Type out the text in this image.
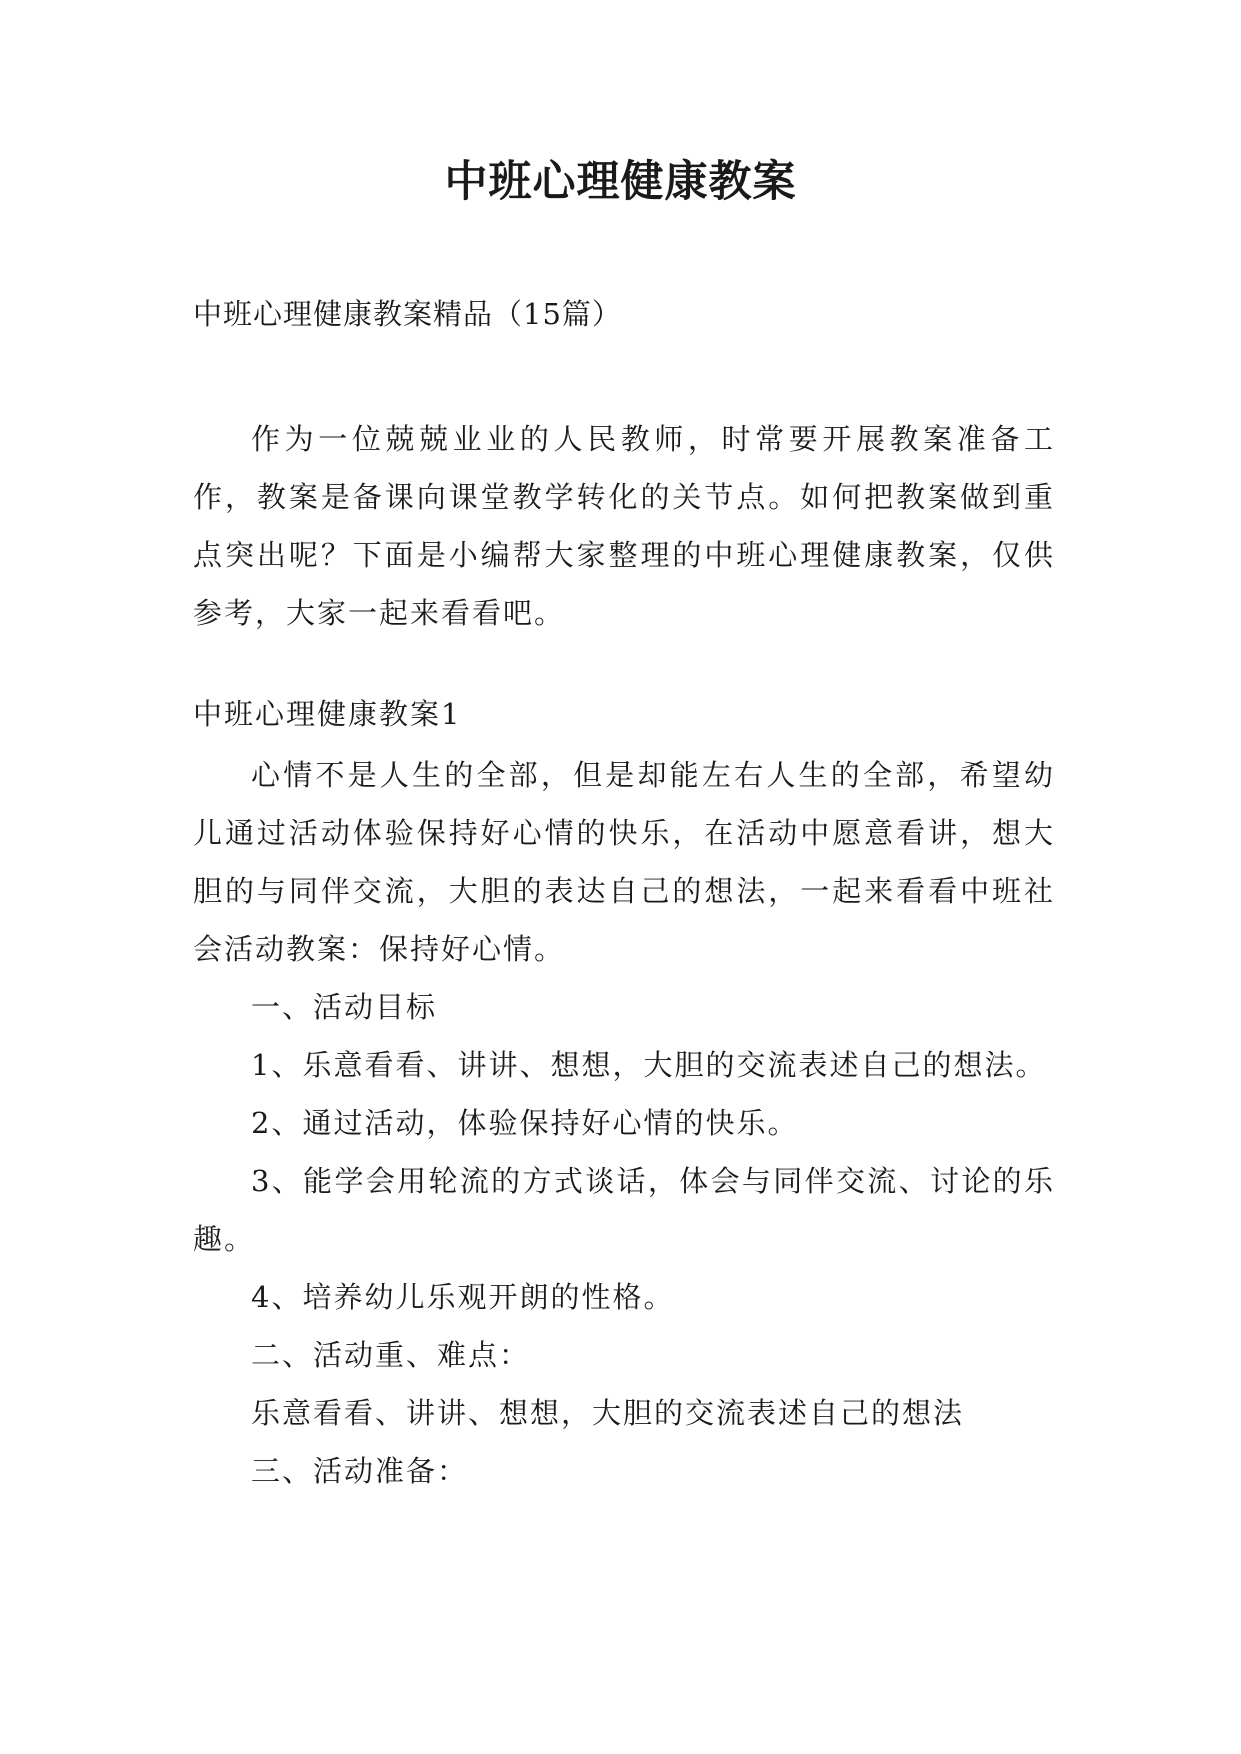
中班心理健康教案
中班心理健康教案精品（15篇）

作为一位兢兢业业的人民教师，时常要开展教案准备工作，教案是备课向课堂教学转化的关节点。如何把教案做到重点突出呢？下面是小编帮大家整理的中班心理健康教案，仅供参考，大家一起来看看吧。

中班心理健康教案1

心情不是人生的全部，但是却能左右人生的全部，希望幼儿通过活动体验保持好心情的快乐，在活动中愿意看讲，想大胆的与同伴交流，大胆的表达自己的想法，一起来看看中班社会活动教案：保持好心情。

一、活动目标

1、乐意看看、讲讲、想想，大胆的交流表述自己的想法。

2、通过活动，体验保持好心情的快乐。

3、能学会用轮流的方式谈话，体会与同伴交流、讨论的乐趣。

4、培养幼儿乐观开朗的性格。

二、活动重、难点：

乐意看看、讲讲、想想，大胆的交流表述自己的想法

三、活动准备：
